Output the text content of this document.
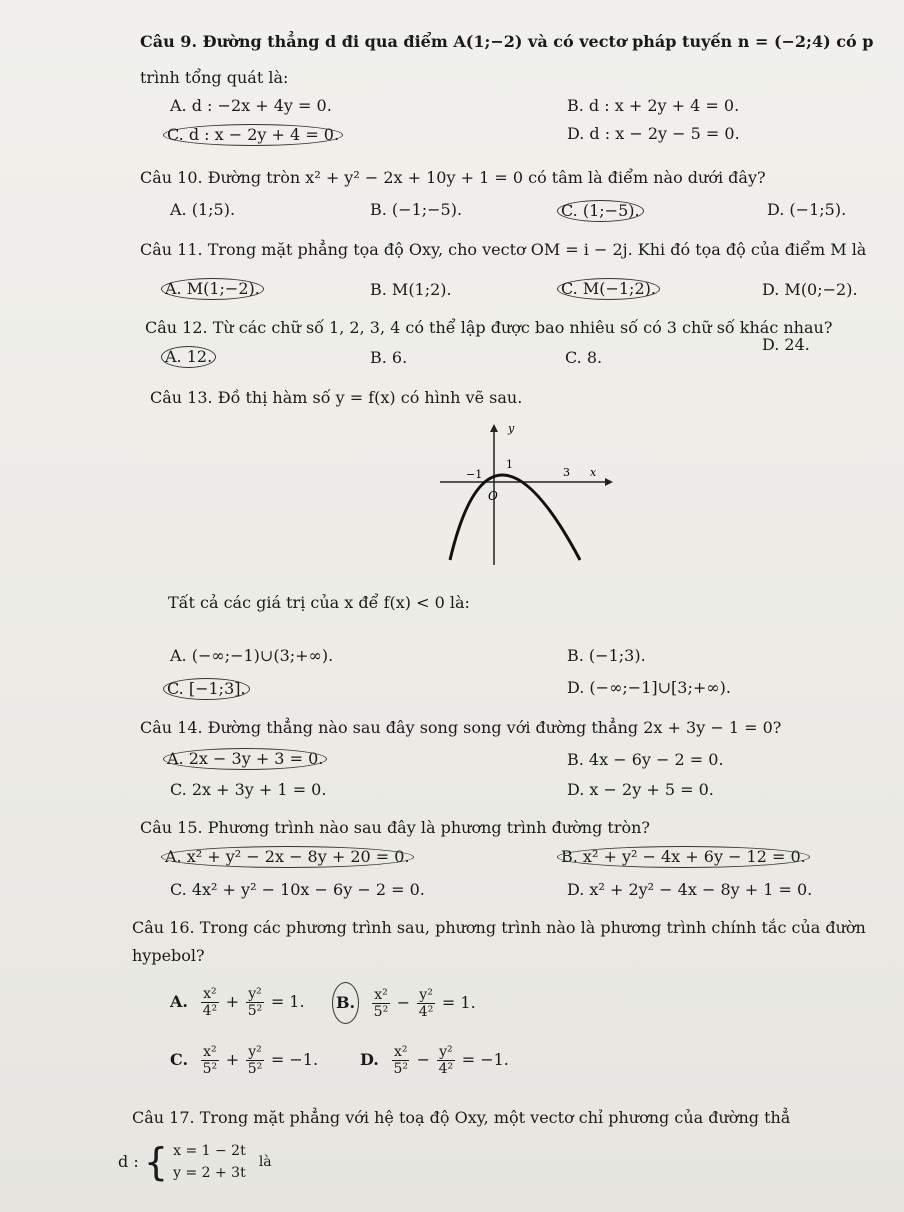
Câu 9. Đường thẳng d đi qua điểm A(1;−2) và có vectơ pháp tuyến n = (−2;4) có p
trình tổng quát là:
A. d : −2x + 4y = 0.	B. d : x + 2y + 4 = 0.
C. d : x − 2y + 4 = 0.	D. d : x − 2y − 5 = 0.
Câu 10. Đường tròn x² + y² − 2x + 10y + 1 = 0 có tâm là điểm nào dưới đây?
A. (1;5).	B. (−1;−5).	C. (1;−5).	D. (−1;5).
Câu 11. Trong mặt phẳng tọa độ Oxy, cho vectơ OM = i − 2j. Khi đó tọa độ của điểm M là
A. M(1;−2).	B. M(1;2).	C. M(−1;2).	D. M(0;−2).
Câu 12. Từ các chữ số 1, 2, 3, 4 có thể lập được bao nhiêu số có 3 chữ số khác nhau?
A. 12.	B. 6.	C. 8.
D. 24.
Câu 13. Đồ thị hàm số y = f(x) có hình vẽ sau.
y
x
O
−1
1
3
Tất cả các giá trị của x để f(x) < 0 là:
A. (−∞;−1)∪(3;+∞).	B. (−1;3).
C. [−1;3].	D. (−∞;−1]∪[3;+∞).
Câu 14. Đường thẳng nào sau đây song song với đường thẳng 2x + 3y − 1 = 0?
A. 2x − 3y + 3 = 0.	B. 4x − 6y − 2 = 0.
C. 2x + 3y + 1 = 0.	D. x − 2y + 5 = 0.
Câu 15. Phương trình nào sau đây là phương trình đường tròn?
A. x² + y² − 2x − 8y + 20 = 0.	B. x² + y² − 4x + 6y − 12 = 0.
C. 4x² + y² − 10x − 6y − 2 = 0.	D. x² + 2y² − 4x − 8y + 1 = 0.
Câu 16. Trong các phương trình sau, phương trình nào là phương trình chính tắc của đườn
hypebol?
A. $\frac{\text{x²}}{\text{4²}} + \frac{\text{y²}}{\text{5²}} = 1$. B. $\frac{\text{x²}}{\text{5²}} - \frac{\text{y²}}{\text{4²}} = 1$.
C. $\frac{\text{x²}}{\text{5²}} + \frac{\text{y²}}{\text{5²}} = -1$.	D. $\frac{\text{x²}}{\text{5²}} - \frac{\text{y²}}{\text{4²}} = -1$.
Câu 17. Trong mặt phẳng với hệ toạ độ Oxy, một vectơ chỉ phương của đường thẳ
d : { x = 1 − 2t
y = 2 + 3t
là
